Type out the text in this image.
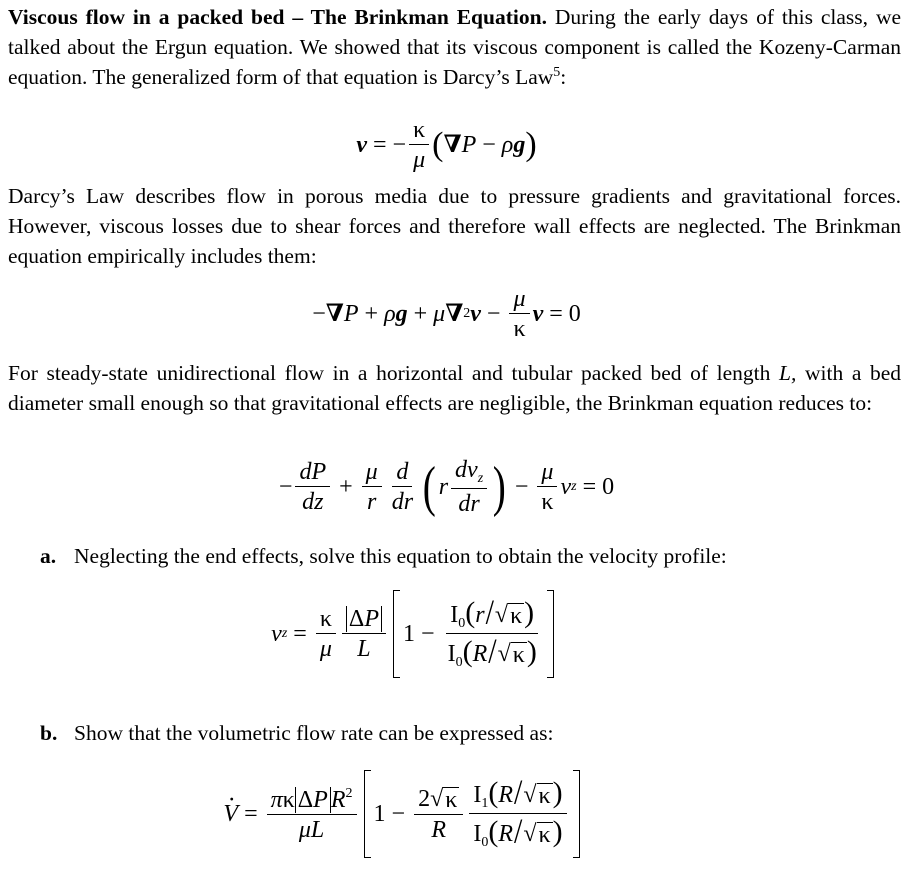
Viscous flow in a packed bed – The Brinkman Equation. During the early days of this class, we talked about the Ergun equation. We showed that its viscous component is called the Kozeny-Carman equation. The generalized form of that equation is Darcy’s Law$^5$:

v = − $\frac{\kappa}{\mu}$ ( ∇ P − ρ g )

Darcy’s Law describes flow in porous media due to pressure gradients and gravitational forces. However, viscous losses due to shear forces and therefore wall effects are neglected. The Brinkman equation empirically includes them:

− ∇ P + ρ g + μ ∇ 2 $v - \frac{\mu}{\kappa}$ v = 0

For steady-state unidirectional flow in a horizontal and tubular packed bed of length L, with a bed diameter small enough so that gravitational effects are negligible, the Brinkman equation reduces to:

− $\frac{dP}{dz} + \frac{\mu}{r} \frac{d}{dr}$ ( r $\frac{dv_z}{dr}$ ) − $\frac{\mu}{\kappa}$ v z = 0
a. Neglecting the end effects, solve this equation to obtain the velocity profile:
v $z = \frac{\kappa}{\mu} \frac{\Delta P}{L} 1 - \frac{I_0(r/ √ \kappa )}{I_0(R/ √ \kappa )}$
b. Show that the volumetric flow rate can be expressed as:
V · = $\frac{\pi\kappa \Delta P R^2}{\mu L} 1 - \frac{2 √ \kappa}{R} \frac{I_1(R/ √ \kappa )}{I_0(R/ √ \kappa )}$
